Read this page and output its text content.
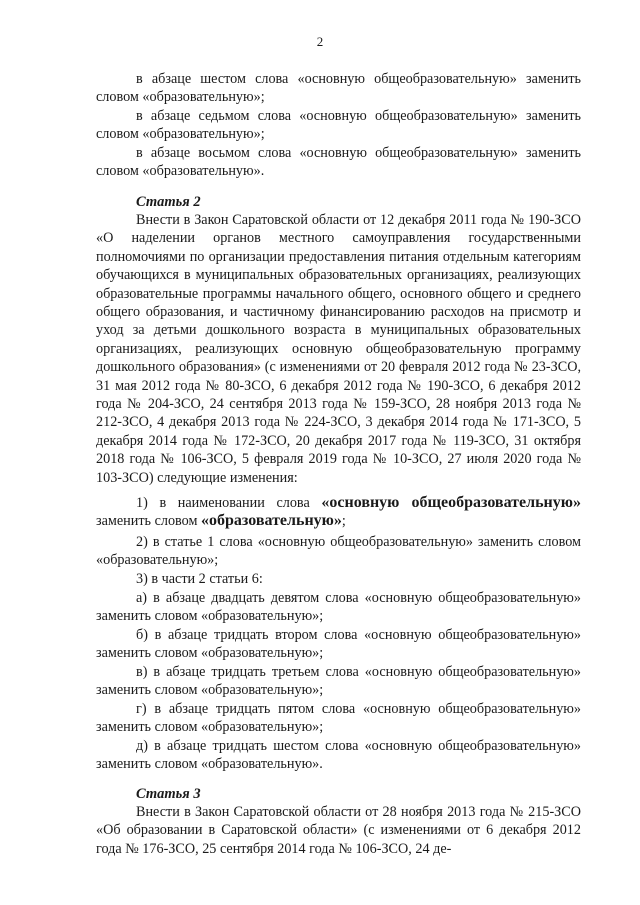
2

в абзаце шестом слова «основную общеобразовательную» заменить словом «образовательную»;

в абзаце седьмом слова «основную общеобразовательную» заменить словом «образовательную»;

в абзаце восьмом слова «основную общеобразовательную» заменить словом «образовательную».

Статья 2

Внести в Закон Саратовской области от 12 декабря 2011 года № 190-ЗСО «О наделении органов местного самоуправления государственными полномочиями по организации предоставления питания отдельным категориям обучающихся в муниципальных образовательных организациях, реализующих образовательные программы начального общего, основного общего и среднего общего образования, и частичному финансированию расходов на присмотр и уход за детьми дошкольного возраста в муниципальных образовательных организациях, реализующих основную общеобразовательную программу дошкольного образования» (с изменениями от 20 февраля 2012 года № 23-ЗСО, 31 мая 2012 года № 80-ЗСО, 6 декабря 2012 года № 190-ЗСО, 6 декабря 2012 года № 204-ЗСО, 24 сентября 2013 года № 159-ЗСО, 28 ноября 2013 года № 212-ЗСО, 4 декабря 2013 года № 224-ЗСО, 3 декабря 2014 года № 171-ЗСО, 5 декабря 2014 года № 172-ЗСО, 20 декабря 2017 года № 119-ЗСО, 31 октября 2018 года № 106-ЗСО, 5 февраля 2019 года № 10-ЗСО, 27 июля 2020 года № 103-ЗСО) следующие изменения:

1) в наименовании слова «основную общеобразовательную» заменить словом «образовательную»;

2) в статье 1 слова «основную общеобразовательную» заменить словом «образовательную»;

3) в части 2 статьи 6:

а) в абзаце двадцать девятом слова «основную общеобразовательную» заменить словом «образовательную»;

б) в абзаце тридцать втором слова «основную общеобразовательную» заменить словом «образовательную»;

в) в абзаце тридцать третьем слова «основную общеобразовательную» заменить словом «образовательную»;

г) в абзаце тридцать пятом слова «основную общеобразовательную» заменить словом «образовательную»;

д) в абзаце тридцать шестом слова «основную общеобразовательную» заменить словом «образовательную».

Статья 3

Внести в Закон Саратовской области от 28 ноября 2013 года № 215-ЗСО «Об образовании в Саратовской области» (с изменениями от 6 декабря 2012 года № 176-ЗСО, 25 сентября 2014 года № 106-ЗСО, 24 де-
